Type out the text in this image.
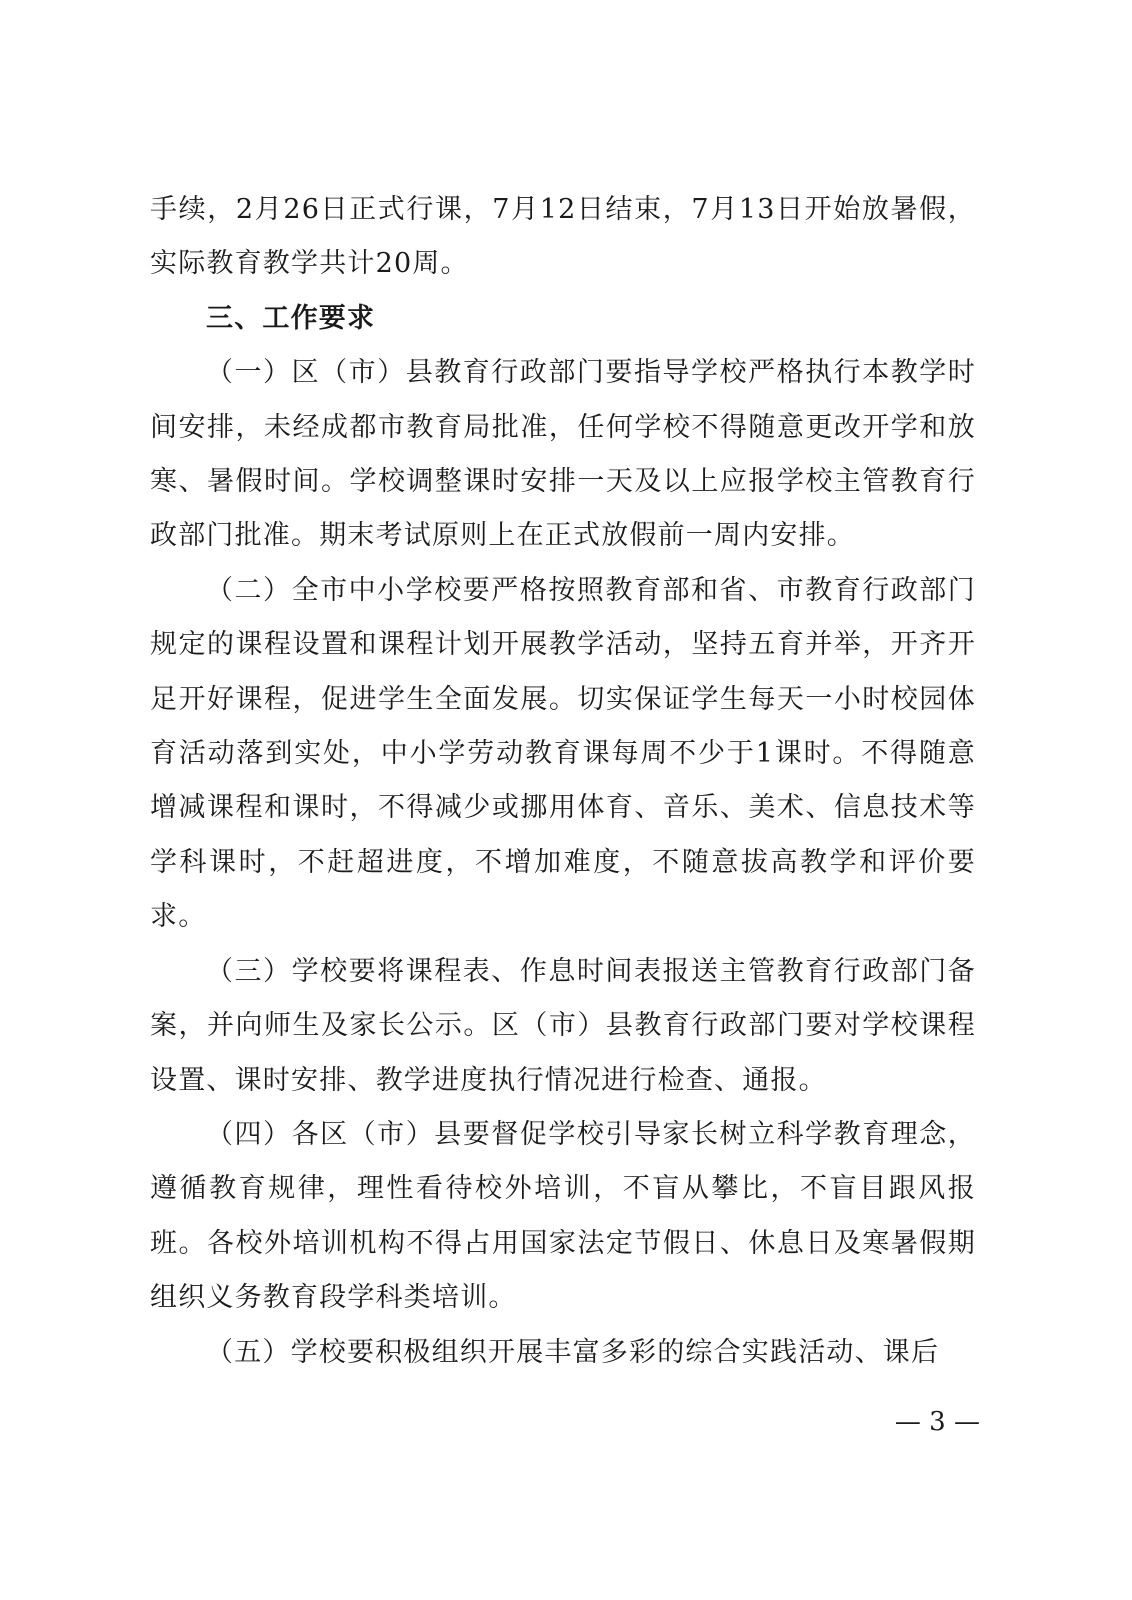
手续，2月26日正式行课，7月12日结束，7月13日开始放暑假，实际教育教学共计20周。

三、工作要求

（一）区（市）县教育行政部门要指导学校严格执行本教学时间安排，未经成都市教育局批准，任何学校不得随意更改开学和放寒、暑假时间。学校调整课时安排一天及以上应报学校主管教育行政部门批准。期末考试原则上在正式放假前一周内安排。

（二）全市中小学校要严格按照教育部和省、市教育行政部门规定的课程设置和课程计划开展教学活动，坚持五育并举，开齐开足开好课程，促进学生全面发展。切实保证学生每天一小时校园体育活动落到实处，中小学劳动教育课每周不少于1课时。不得随意增减课程和课时，不得减少或挪用体育、音乐、美术、信息技术等学科课时，不赶超进度，不增加难度，不随意拔高教学和评价要求。

（三）学校要将课程表、作息时间表报送主管教育行政部门备案，并向师生及家长公示。区（市）县教育行政部门要对学校课程设置、课时安排、教学进度执行情况进行检查、通报。

（四）各区（市）县要督促学校引导家长树立科学教育理念，遵循教育规律，理性看待校外培训，不盲从攀比，不盲目跟风报班。各校外培训机构不得占用国家法定节假日、休息日及寒暑假期组织义务教育段学科类培训。

（五）学校要积极组织开展丰富多彩的综合实践活动、课后

— 3 —
